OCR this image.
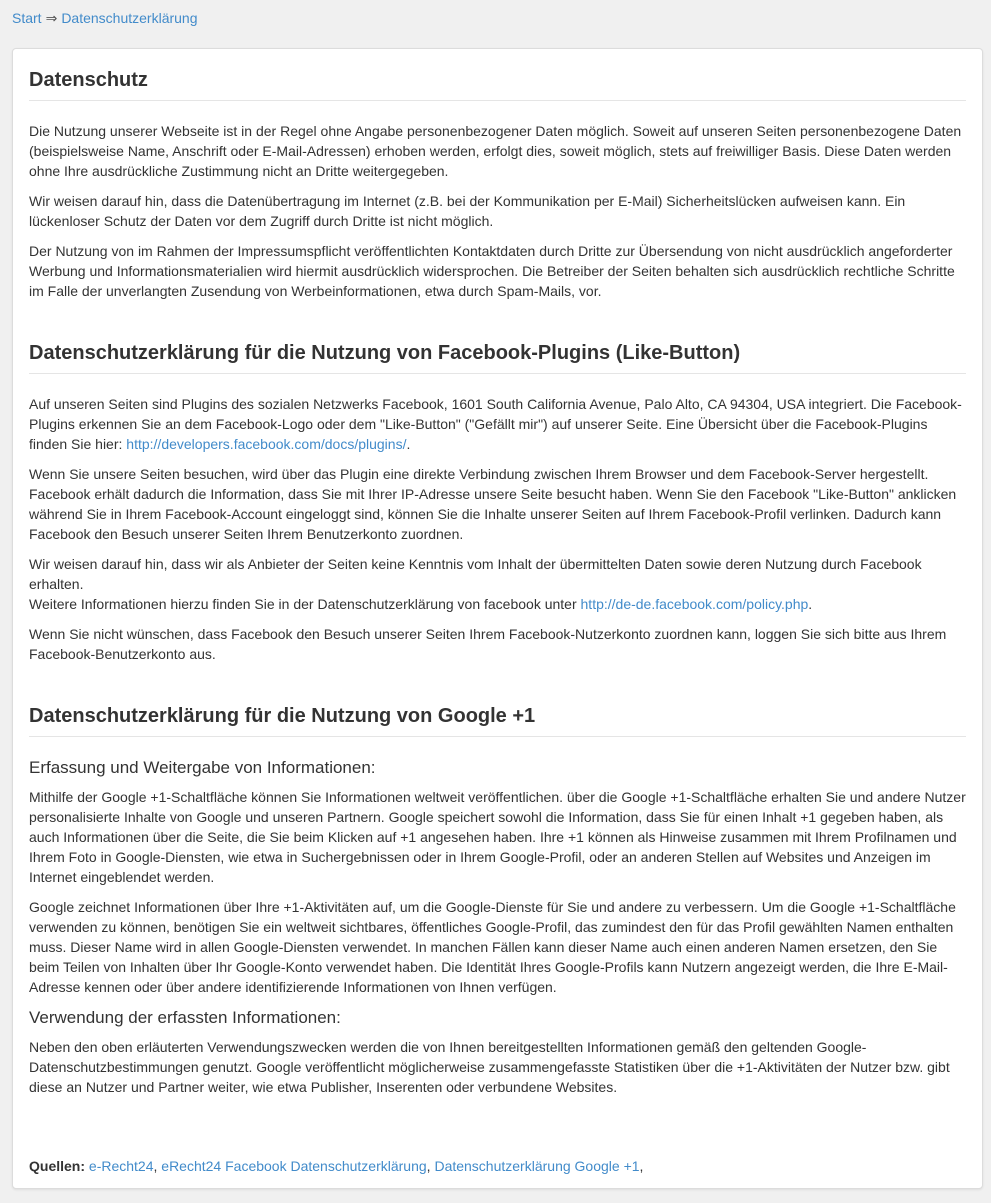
Start ⇒ Datenschutzerklärung
Datenschutz

Die Nutzung unserer Webseite ist in der Regel ohne Angabe personenbezogener Daten möglich. Soweit auf unseren Seiten personenbezogene Daten (beispielsweise Name, Anschrift oder E-Mail-Adressen) erhoben werden, erfolgt dies, soweit möglich, stets auf freiwilliger Basis. Diese Daten werden ohne Ihre ausdrückliche Zustimmung nicht an Dritte weitergegeben.

Wir weisen darauf hin, dass die Datenübertragung im Internet (z.B. bei der Kommunikation per E-Mail) Sicherheitslücken aufweisen kann. Ein lückenloser Schutz der Daten vor dem Zugriff durch Dritte ist nicht möglich.

Der Nutzung von im Rahmen der Impressumspflicht veröffentlichten Kontaktdaten durch Dritte zur Übersendung von nicht ausdrücklich angeforderter Werbung und Informationsmaterialien wird hiermit ausdrücklich widersprochen. Die Betreiber der Seiten behalten sich ausdrücklich rechtliche Schritte im Falle der unverlangten Zusendung von Werbeinformationen, etwa durch Spam-Mails, vor.

Datenschutzerklärung für die Nutzung von Facebook-Plugins (Like-Button)

Auf unseren Seiten sind Plugins des sozialen Netzwerks Facebook, 1601 South California Avenue, Palo Alto, CA 94304, USA integriert. Die Facebook-Plugins erkennen Sie an dem Facebook-Logo oder dem "Like-Button" ("Gefällt mir") auf unserer Seite. Eine Übersicht über die Facebook-Plugins finden Sie hier: http://developers.facebook.com/docs/plugins/.

Wenn Sie unsere Seiten besuchen, wird über das Plugin eine direkte Verbindung zwischen Ihrem Browser und dem Facebook-Server hergestellt. Facebook erhält dadurch die Information, dass Sie mit Ihrer IP-Adresse unsere Seite besucht haben. Wenn Sie den Facebook "Like-Button" anklicken während Sie in Ihrem Facebook-Account eingeloggt sind, können Sie die Inhalte unserer Seiten auf Ihrem Facebook-Profil verlinken. Dadurch kann Facebook den Besuch unserer Seiten Ihrem Benutzerkonto zuordnen.

Wir weisen darauf hin, dass wir als Anbieter der Seiten keine Kenntnis vom Inhalt der übermittelten Daten sowie deren Nutzung durch Facebook erhalten.
Weitere Informationen hierzu finden Sie in der Datenschutzerklärung von facebook unter http://de-de.facebook.com/policy.php.

Wenn Sie nicht wünschen, dass Facebook den Besuch unserer Seiten Ihrem Facebook-Nutzerkonto zuordnen kann, loggen Sie sich bitte aus Ihrem Facebook-Benutzerkonto aus.

Datenschutzerklärung für die Nutzung von Google +1
Erfassung und Weitergabe von Informationen:

Mithilfe der Google +1-Schaltfläche können Sie Informationen weltweit veröffentlichen. über die Google +1-Schaltfläche erhalten Sie und andere Nutzer personalisierte Inhalte von Google und unseren Partnern. Google speichert sowohl die Information, dass Sie für einen Inhalt +1 gegeben haben, als auch Informationen über die Seite, die Sie beim Klicken auf +1 angesehen haben. Ihre +1 können als Hinweise zusammen mit Ihrem Profilnamen und Ihrem Foto in Google-Diensten, wie etwa in Suchergebnissen oder in Ihrem Google-Profil, oder an anderen Stellen auf Websites und Anzeigen im Internet eingeblendet werden.

Google zeichnet Informationen über Ihre +1-Aktivitäten auf, um die Google-Dienste für Sie und andere zu verbessern. Um die Google +1-Schaltfläche verwenden zu können, benötigen Sie ein weltweit sichtbares, öffentliches Google-Profil, das zumindest den für das Profil gewählten Namen enthalten muss. Dieser Name wird in allen Google-Diensten verwendet. In manchen Fällen kann dieser Name auch einen anderen Namen ersetzen, den Sie beim Teilen von Inhalten über Ihr Google-Konto verwendet haben. Die Identität Ihres Google-Profils kann Nutzern angezeigt werden, die Ihre E-Mail-Adresse kennen oder über andere identifizierende Informationen von Ihnen verfügen.

Verwendung der erfassten Informationen:

Neben den oben erläuterten Verwendungszwecken werden die von Ihnen bereitgestellten Informationen gemäß den geltenden Google-Datenschutzbestimmungen genutzt. Google veröffentlicht möglicherweise zusammengefasste Statistiken über die +1-Aktivitäten der Nutzer bzw. gibt diese an Nutzer und Partner weiter, wie etwa Publisher, Inserenten oder verbundene Websites.

Quellen: e-Recht24, eRecht24 Facebook Datenschutzerklärung, Datenschutzerklärung Google +1,
